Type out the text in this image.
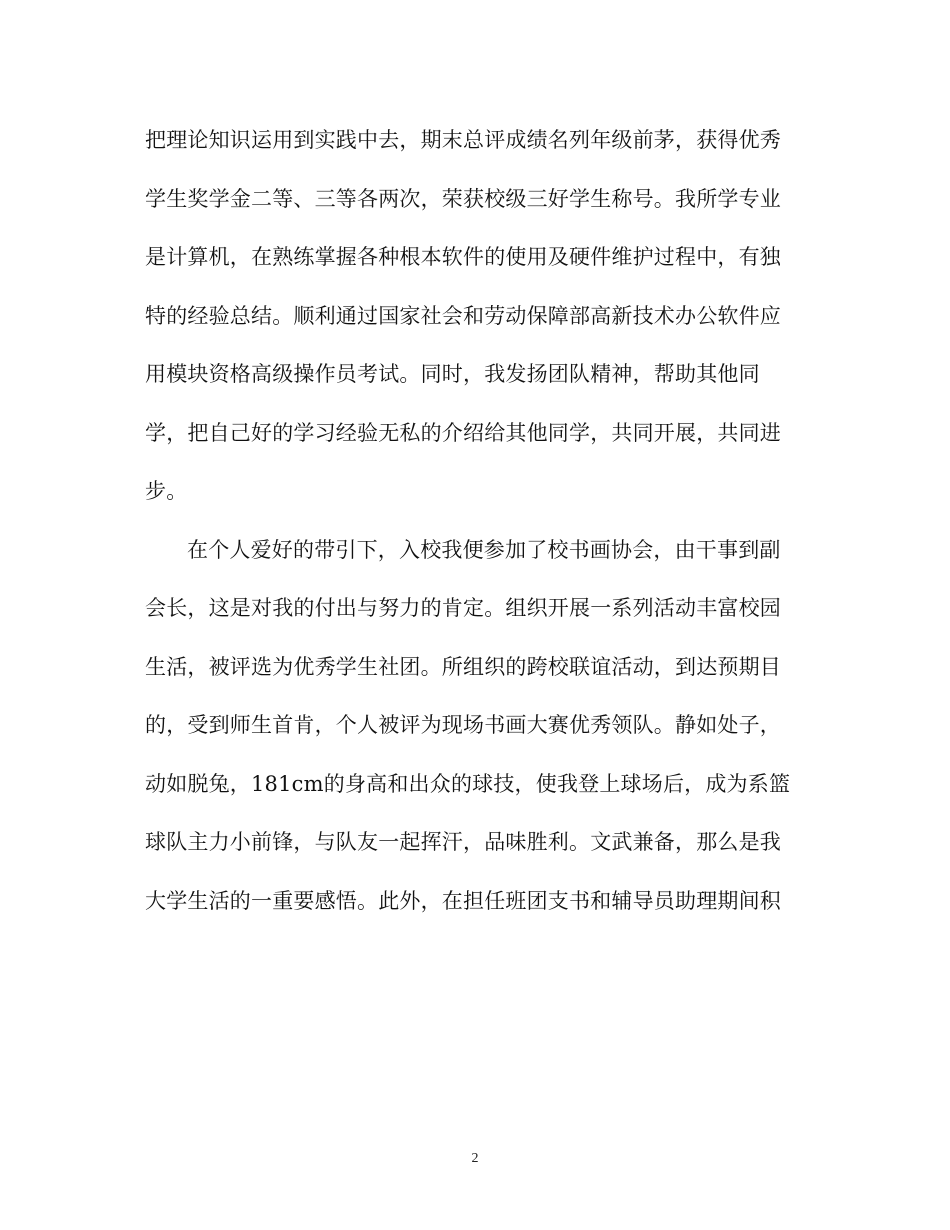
把理论知识运用到实践中去，期末总评成绩名列年级前茅，获得优秀
学生奖学金二等、三等各两次，荣获校级三好学生称号。我所学专业
是计算机，在熟练掌握各种根本软件的使用及硬件维护过程中，有独
特的经验总结。顺利通过国家社会和劳动保障部高新技术办公软件应
用模块资格高级操作员考试。同时，我发扬团队精神，帮助其他同
学，把自己好的学习经验无私的介绍给其他同学，共同开展，共同进
步。
在个人爱好的带引下，入校我便参加了校书画协会，由干事到副
会长，这是对我的付出与努力的肯定。组织开展一系列活动丰富校园
生活，被评选为优秀学生社团。所组织的跨校联谊活动，到达预期目
的，受到师生首肯，个人被评为现场书画大赛优秀领队。静如处子，
动如脱兔，181cm的身高和出众的球技，使我登上球场后，成为系篮
球队主力小前锋，与队友一起挥汗，品味胜利。文武兼备，那么是我
大学生活的一重要感悟。此外，在担任班团支书和辅导员助理期间积
2
